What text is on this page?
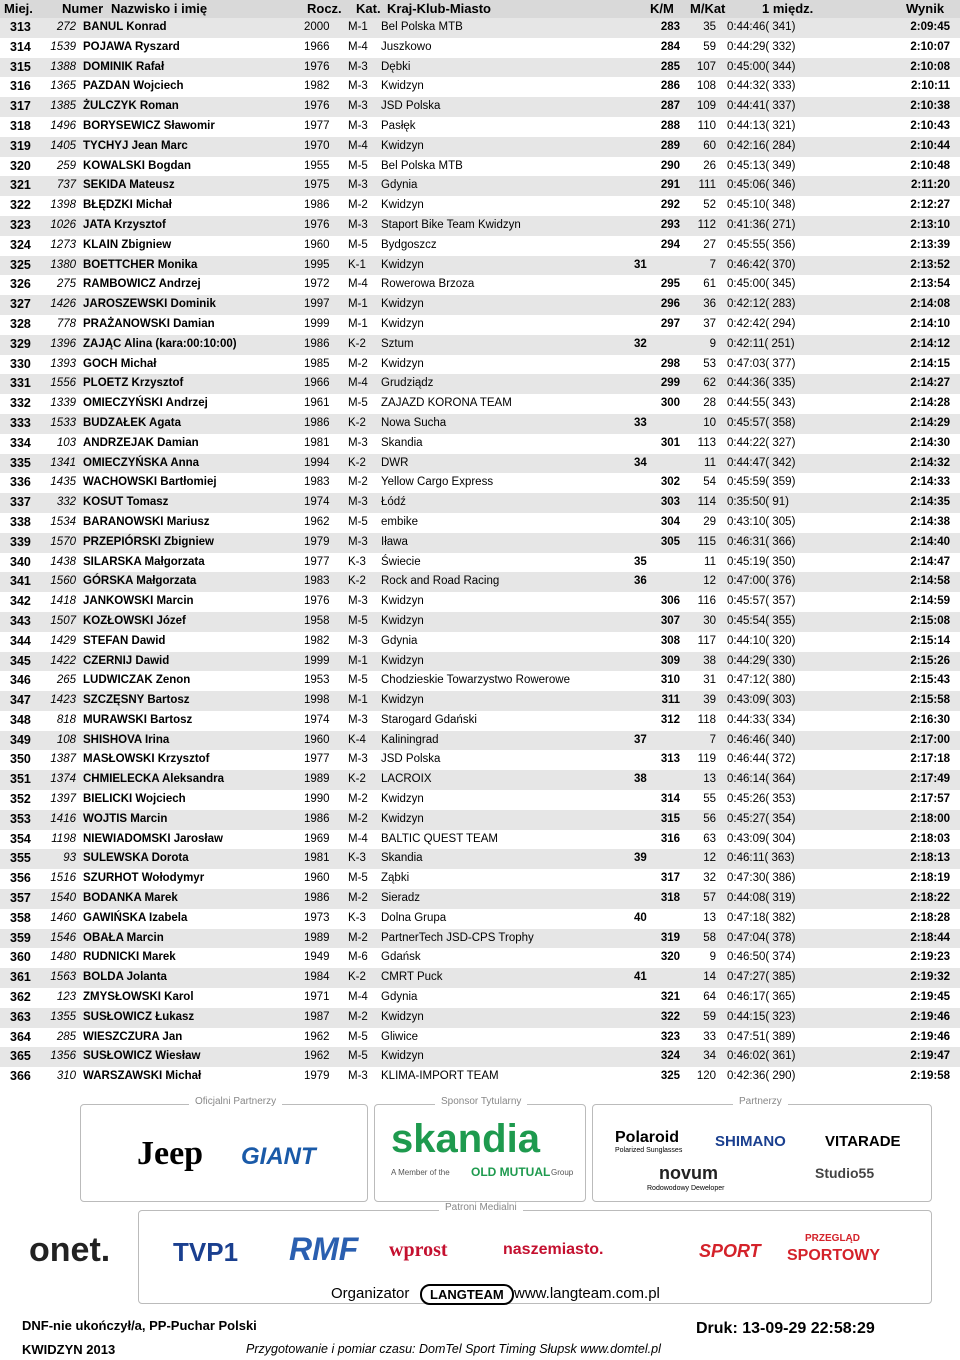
Miej. Numer Nazwisko i imię	Rocz. Kat. Kraj-Klub-Miasto	K/M M/Kat	1 międz.	Wynik
313	272 BANUL Konrad	2000 M-1 Bel Polska MTB	283	35 0:44:46( 341)	2:09:45
314	1539 POJAWA Ryszard	1966 M-4 Juszkowo	284	59 0:44:29( 332)	2:10:07
315	1388 DOMINIK Rafał	1976 M-3 Dębki	285	107 0:45:00( 344)	2:10:08
316	1365 PAZDAN Wojciech	1982 M-3 Kwidzyn	286	108 0:44:32( 333)	2:10:11
317	1385 ŻULCZYK Roman	1976 M-3 JSD Polska	287	109 0:44:41( 337)	2:10:38
318	1496 BORYSEWICZ Sławomir	1977 M-3 Pasłęk	288	110 0:44:13( 321)	2:10:43
319	1405 TYCHYJ Jean Marc	1970 M-4 Kwidzyn	289	60 0:42:16( 284)	2:10:44
320	259 KOWALSKI Bogdan	1955 M-5 Bel Polska MTB	290	26 0:45:13( 349)	2:10:48
321	737 SEKIDA Mateusz	1975 M-3 Gdynia	291	111 0:45:06( 346)	2:11:20
322	1398 BŁĘDZKI Michał	1986 M-2 Kwidzyn	292	52 0:45:10( 348)	2:12:27
323	1026 JATA Krzysztof	1976 M-3 Staport Bike Team Kwidzyn	293	112 0:41:36( 271)	2:13:10
324	1273 KLAIN Zbigniew	1960 M-5 Bydgoszcz	294	27 0:45:55( 356)	2:13:39
325	1380 BOETTCHER Monika	1995 K-1 Kwidzyn	31	7 0:46:42( 370)	2:13:52
326	275 RAMBOWICZ Andrzej	1972 M-4 Rowerowa Brzoza	295	61 0:45:00( 345)	2:13:54
327	1426 JAROSZEWSKI Dominik	1997 M-1 Kwidzyn	296	36 0:42:12( 283)	2:14:08
328	778 PRAŻANOWSKI Damian	1999 M-1 Kwidzyn	297	37 0:42:42( 294)	2:14:10
329	1396 ZAJĄC Alina (kara:00:10:00)	1986 K-2 Sztum	32	9 0:42:11( 251)	2:14:12
330	1393 GOCH Michał	1985 M-2 Kwidzyn	298	53 0:47:03( 377)	2:14:15
331	1556 PLOETZ Krzysztof	1966 M-4 Grudziądz	299	62 0:44:36( 335)	2:14:27
332	1339 OMIECZYŃSKI Andrzej	1961 M-5 ZAJAZD KORONA TEAM	300	28 0:44:55( 343)	2:14:28
333	1533 BUDZAŁEK Agata	1986 K-2 Nowa Sucha	33	10 0:45:57( 358)	2:14:29
334	103 ANDRZEJAK Damian	1981 M-3 Skandia	301	113 0:44:22( 327)	2:14:30
335	1341 OMIECZYŃSKA Anna	1994 K-2 DWR	34	11 0:44:47( 342)	2:14:32
336	1435 WACHOWSKI Bartłomiej	1983 M-2 Yellow Cargo Express	302	54 0:45:59( 359)	2:14:33
337	332 KOSUT Tomasz	1974 M-3 Łódź	303	114 0:35:50( 91)	2:14:35
338	1534 BARANOWSKI Mariusz	1962 M-5 embike	304	29 0:43:10( 305)	2:14:38
339	1570 PRZEPIÓRSKI Zbigniew	1979 M-3 Iława	305	115 0:46:31( 366)	2:14:40
340	1438 SILARSKA Małgorzata	1977 K-3 Świecie	35	11 0:45:19( 350)	2:14:47
341	1560 GÓRSKA Małgorzata	1983 K-2 Rock and Road Racing	36	12 0:47:00( 376)	2:14:58
342	1418 JANKOWSKI Marcin	1976 M-3 Kwidzyn	306	116 0:45:57( 357)	2:14:59
343	1507 KOZŁOWSKI Józef	1958 M-5 Kwidzyn	307	30 0:45:54( 355)	2:15:08
344	1429 STEFAN Dawid	1982 M-3 Gdynia	308	117 0:44:10( 320)	2:15:14
345	1422 CZERNIJ Dawid	1999 M-1 Kwidzyn	309	38 0:44:29( 330)	2:15:26
346	265 LUDWICZAK Zenon	1953 M-5 Chodzieskie Towarzystwo Rowerowe	310	31 0:47:12( 380)	2:15:43
347	1423 SZCZĘSNY Bartosz	1998 M-1 Kwidzyn	311	39 0:43:09( 303)	2:15:58
348	818 MURAWSKI Bartosz	1974 M-3 Starogard Gdański	312	118 0:44:33( 334)	2:16:30
349	108 SHISHOVA Irina	1960 K-4 Kaliningrad	37	7 0:46:46( 340)	2:17:00
350	1387 MASŁOWSKI Krzysztof	1977 M-3 JSD Polska	313	119 0:46:44( 372)	2:17:18
351	1374 CHMIELECKA Aleksandra	1989 K-2 LACROIX	38	13 0:46:14( 364)	2:17:49
352	1397 BIELICKI Wojciech	1990 M-2 Kwidzyn	314	55 0:45:26( 353)	2:17:57
353	1416 WOJTIS Marcin	1986 M-2 Kwidzyn	315	56 0:45:27( 354)	2:18:00
354	1198 NIEWIADOMSKI Jarosław	1969 M-4 BALTIC QUEST TEAM	316	63 0:43:09( 304)	2:18:03
355	93 SULEWSKA Dorota	1981 K-3 Skandia	39	12 0:46:11( 363)	2:18:13
356	1516 SZURHOT Wołodymyr	1960 M-5 Ząbki	317	32 0:47:30( 386)	2:18:19
357	1540 BODANKA Marek	1986 M-2 Sieradz	318	57 0:44:08( 319)	2:18:22
358	1460 GAWIŃSKA Izabela	1973 K-3 Dolna Grupa	40	13 0:47:18( 382)	2:18:28
359	1546 OBAŁA Marcin	1989 M-2 PartnerTech JSD-CPS Trophy	319	58 0:47:04( 378)	2:18:44
360	1480 RUDNICKI Marek	1949 M-6 Gdańsk	320	9 0:46:50( 374)	2:19:23
361	1563 BOLDA Jolanta	1984 K-2 CMRT Puck	41	14 0:47:27( 385)	2:19:32
362	123 ZMYSŁOWSKI Karol	1971 M-4 Gdynia	321	64 0:46:17( 365)	2:19:45
363	1355 SUSŁOWICZ Łukasz	1987 M-2 Kwidzyn	322	59 0:44:15( 323)	2:19:46
364	285 WIESZCZURA Jan	1962 M-5 Gliwice	323	33 0:47:51( 389)	2:19:46
365	1356 SUSŁOWICZ Wiesław	1962 M-5 Kwidzyn	324	34 0:46:02( 361)	2:19:47
366	310 WARSZAWSKI Michał	1979 M-3 KLIMA-IMPORT TEAM	325	120 0:42:36( 290)	2:19:58
Oficjalni Partnerzy
Jeep GIANT
Sponsor Tytularny
skandia
A Member of the OLD MUTUAL Group
Partnerzy
Polaroid
Polarized Sunglasses
SHIMANO	VITARADE
novum
Rodowodowy Deweloper
Studio55
Patroni Medialni
onet. TVP1 RMF wprost	naszemiasto.	SPORT
PRZEGLĄD
SPORTOWY
Organizator	LANGTEAM www.langteam.com.pl
DNF-nie ukończył/a, PP-Puchar Polski
KWIDZYN 2013	Przygotowanie i pomiar czasu: DomTel Sport Timing Słupsk www.domtel.pl
Druk: 13-09-29 22:58:29
